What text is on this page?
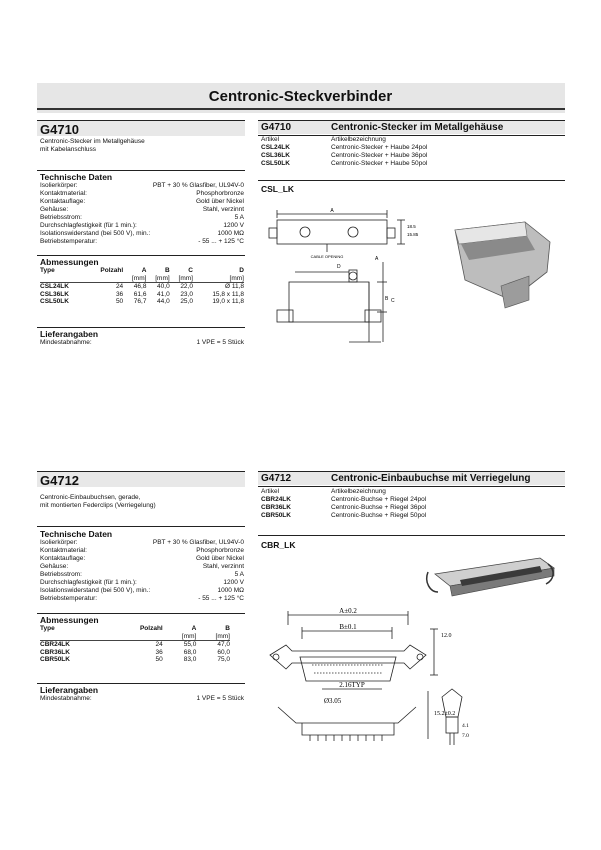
Centronic-Steckverbinder
G4710
Centronic-Stecker im Metallgehäuse
mit Kabelanschluss
Technische Daten
Isolierkörper:	PBT + 30 % Glasfiber, UL94V-0
Kontaktmaterial:	Phosphorbronze
Kontaktauflage:	Gold über Nickel
Gehäuse:	Stahl, verzinnt
Betriebsstrom:	5 A
Durchschlagfestigkeit (für 1 min.):	1200 V
Isolationswiderstand (bei 500 V), min.:	1000 MΩ
Betriebstemperatur:	- 55 ... + 125 °C
Abmessungen
Type	Polzahl	A	B	C	D
		[mm]	[mm]	[mm]	[mm]
CSL24LK	24	46,8	40,0	22,0	Ø 11,8
CSL36LK	36	61,6	41,0	23,0	15,8 x 11,8
CSL50LK	50	76,7	44,0	25,0	19,0 x 11,8
Lieferangaben
Mindestabnahme:	1 VPE = 5 Stück
G4710	Centronic-Stecker im Metallgehäuse
Artikel	Artikelbezeichnung
CSL24LK	Centronic-Stecker + Haube 24pol
CSL36LK	Centronic-Stecker + Haube 36pol
CSL50LK	Centronic-Stecker + Haube 50pol
CSL_LK
A
CABLE OPENING
15.85
18.5
A
B C
D
G4712
Centronic-Einbaubuchsen, gerade,
mit montierten Federclips (Verriegelung)
Technische Daten
Isolierkörper:	PBT + 30 % Glasfiber, UL94V-0
Kontaktmaterial:	Phosphorbronze
Kontaktauflage:	Gold über Nickel
Gehäuse:	Stahl, verzinnt
Betriebsstrom:	5 A
Durchschlagfestigkeit (für 1 min.):	1200 V
Isolationswiderstand (bei 500 V), min.:	1000 MΩ
Betriebstemperatur:	- 55 ... + 125 °C
Abmessungen
Type	Polzahl	A	B
		[mm]	[mm]
CBR24LK	24	55,0	47,0
CBR36LK	36	68,0	60,0
CBR50LK	50	83,0	75,0
Lieferangaben
Mindestabnahme:	1 VPE = 5 Stück
G4712	Centronic-Einbaubuchse mit Verriegelung
Artikel	Artikelbezeichnung
CBR24LK	Centronic-Buchse + Riegel 24pol
CBR36LK	Centronic-Buchse + Riegel 36pol
CBR50LK	Centronic-Buchse + Riegel 50pol
CBR_LK
A±0.2
B±0.1
12.0
2.16TYP
Ø3.05
15.2±0.2
4.1
7.0
